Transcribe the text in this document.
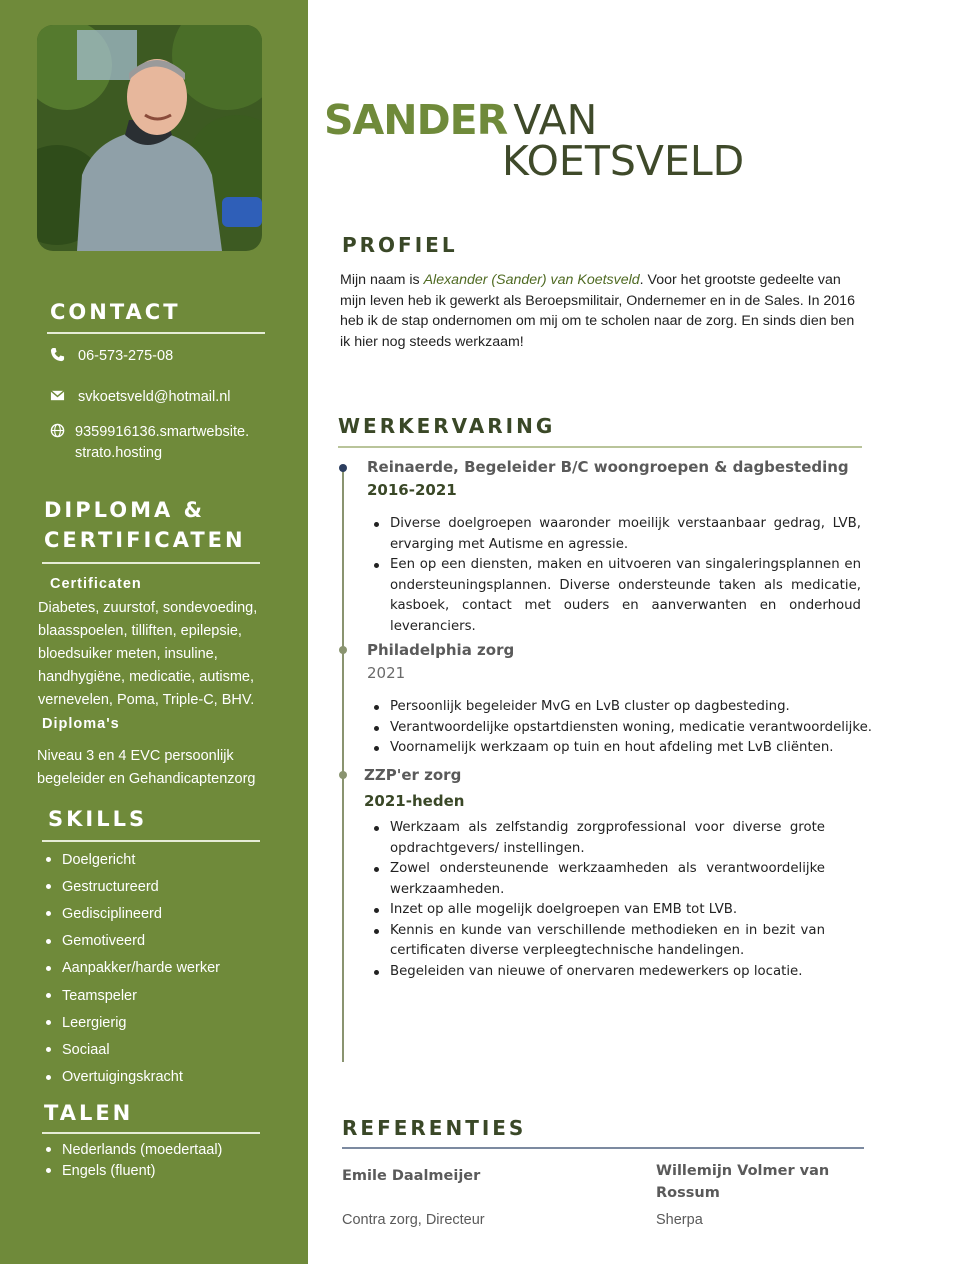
CONTACT
06-573-275-08
svkoetsveld@hotmail.nl
9359916136.smartwebsite.
strato.hosting
DIPLOMA &
CERTIFICATEN
Certificaten
Diabetes, zuurstof, sondevoeding, blaasspoelen, tilliften, epilepsie, bloedsuiker meten, insuline, handhygiëne, medicatie, autisme, vernevelen, Poma, Triple-C, BHV.
Diploma's
Niveau 3 en 4 EVC persoonlijk begeleider en Gehandicaptenzorg
SKILLS
Doelgericht
Gestructureerd
Gedisciplineerd
Gemotiveerd
Aanpakker/harde werker
Teamspeler
Leergierig
Sociaal
Overtuigingskracht
TALEN
Nederlands (moedertaal)
Engels (fluent)
SANDER VAN
KOETSVELD
PROFIEL
Mijn naam is Alexander (Sander) van Koetsveld. Voor het grootste gedeelte van mijn leven heb ik gewerkt als Beroepsmilitair, Ondernemer en in de Sales. In 2016 heb ik de stap ondernomen om mij om te scholen naar de zorg. En sinds dien ben ik hier nog steeds werkzaam!
WERKERVARING
Reinaerde, Begeleider B/C woongroepen & dagbesteding
2016-2021
Diverse doelgroepen waaronder moeilijk verstaanbaar gedrag, LVB, ervarging met Autisme en agressie.
Een op een diensten, maken en uitvoeren van singaleringsplannen en ondersteuningsplannen. Diverse ondersteunde taken als medicatie, kasboek, contact met ouders en aanverwanten en onderhoud leveranciers.
Philadelphia zorg
2021
Persoonlijk begeleider MvG en LvB cluster op dagbesteding.
Verantwoordelijke opstartdiensten woning, medicatie verantwoordelijke.
Voornamelijk werkzaam op tuin en hout afdeling met LvB cliënten.
ZZP'er zorg
2021-heden
Werkzaam als zelfstandig zorgprofessional voor diverse grote opdrachtgevers/ instellingen.
Zowel ondersteunende werkzaamheden als verantwoordelijke werkzaamheden.
Inzet op alle mogelijk doelgroepen van EMB tot LVB.
Kennis en kunde van verschillende methodieken en in bezit van certificaten diverse verpleegtechnische handelingen.
Begeleiden van nieuwe of onervaren medewerkers op locatie.
REFERENTIES
Emile Daalmeijer
Contra zorg, Directeur
Willemijn Volmer van
Rossum
Sherpa
